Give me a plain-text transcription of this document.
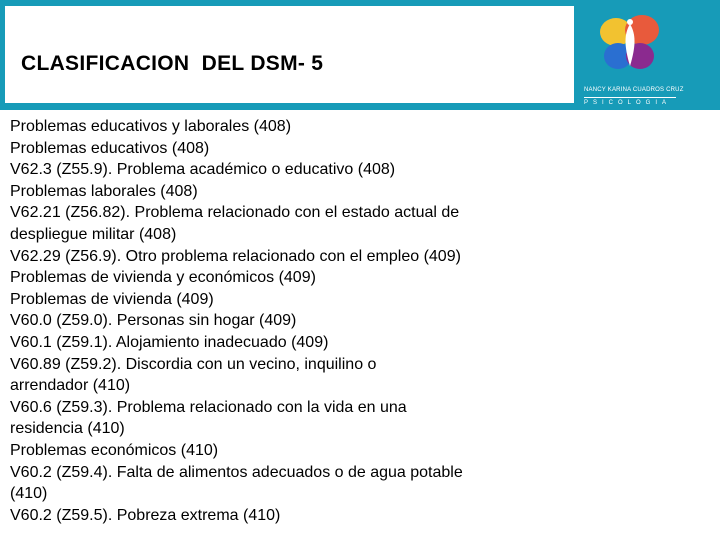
CLASIFICACION  DEL DSM- 5
NANCY KARINA CUADROS CRUZ
PSICOLOGIA
Problemas educativos y laborales (408)
Problemas educativos (408)
V62.3 (Z55.9). Problema académico o educativo (408)
Problemas laborales (408)
V62.21 (Z56.82). Problema relacionado con el estado actual de
despliegue militar (408)
V62.29 (Z56.9). Otro problema relacionado con el empleo (409)
Problemas de vivienda y económicos (409)
Problemas de vivienda (409)
V60.0 (Z59.0). Personas sin hogar (409)
V60.1 (Z59.1). Alojamiento inadecuado (409)
V60.89 (Z59.2). Discordia con un vecino, inquilino o
arrendador (410)
V60.6 (Z59.3). Problema relacionado con la vida en una
residencia (410)
Problemas económicos (410)
V60.2 (Z59.4). Falta de alimentos adecuados o de agua potable
(410)
V60.2 (Z59.5). Pobreza extrema (410)
